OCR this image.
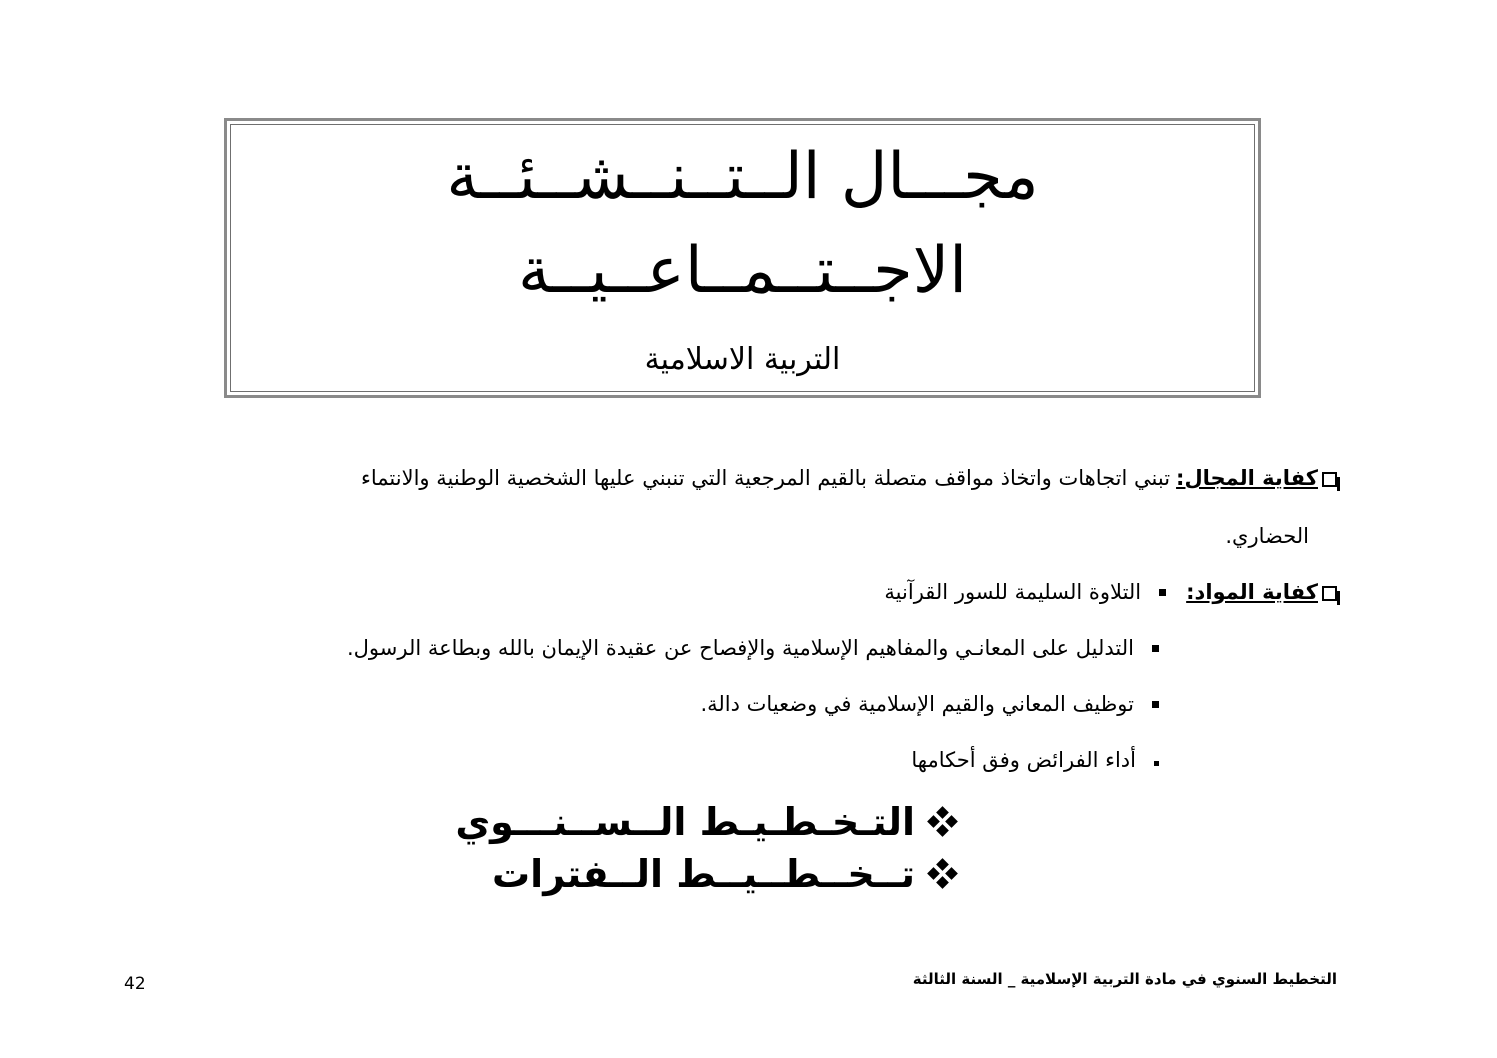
مجـــال الــتــنــشــئــة
الاجــتــمــاعــيــة
التربية الاسلامية
كفاية المجال:
تبني اتجاهات واتخاذ مواقف متصلة بالقيم المرجعية التي تنبني عليها الشخصية الوطنية والانتماء
الحضاري.
كفاية المواد:
التلاوة السليمة للسور القرآنية
التدليل على المعانـي والمفاهيم الإسلامية والإفصاح عن عقيدة الإيمان بالله وبطاعة الرسول.
توظيف المعاني والقيم الإسلامية في وضعيات دالة.
أداء الفرائض وفق أحكامها
التـخـطـيـط الــســنـــوي
تــخــطــيــط الــفترات
التخطيط السنوي في مادة التربية الإسلامية _ السنة الثالثة
42
